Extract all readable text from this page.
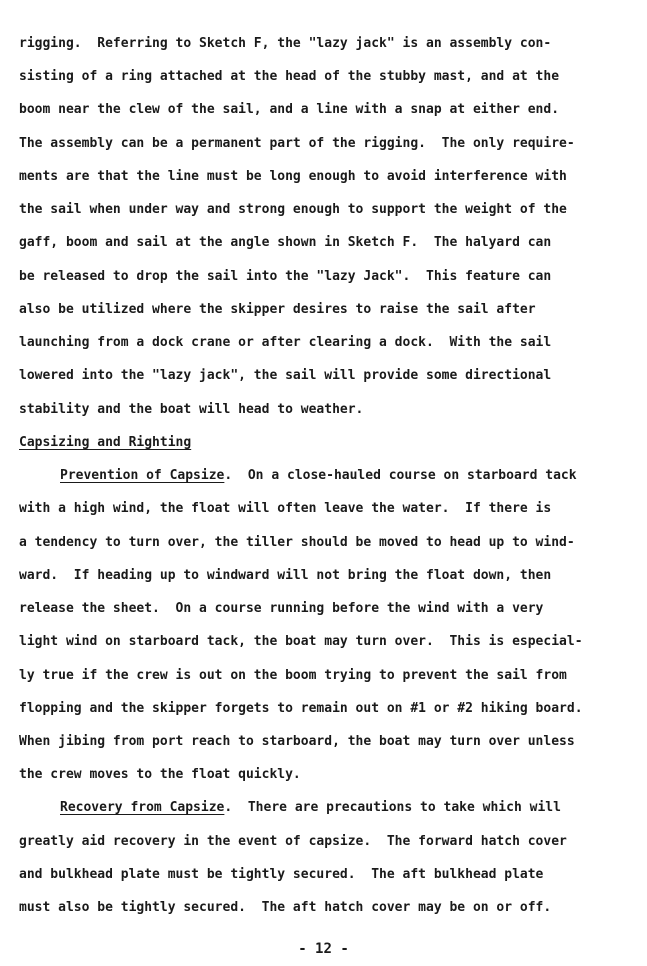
rigging.  Referring to Sketch F, the "lazy jack" is an assembly con-
sisting of a ring attached at the head of the stubby mast, and at the
boom near the clew of the sail, and a line with a snap at either end.
The assembly can be a permanent part of the rigging.  The only require-
ments are that the line must be long enough to avoid interference with
the sail when under way and strong enough to support the weight of the
gaff, boom and sail at the angle shown in Sketch F.  The halyard can
be released to drop the sail into the "lazy Jack".  This feature can
also be utilized where the skipper desires to raise the sail after
launching from a dock crane or after clearing a dock.  With the sail
lowered into the "lazy jack", the sail will provide some directional
stability and the boat will head to weather.
Capsizing and Righting
Prevention of Capsize.  On a close-hauled course on starboard tack
with a high wind, the float will often leave the water.  If there is
a tendency to turn over, the tiller should be moved to head up to wind-
ward.  If heading up to windward will not bring the float down, then
release the sheet.  On a course running before the wind with a very
light wind on starboard tack, the boat may turn over.  This is especial-
ly true if the crew is out on the boom trying to prevent the sail from
flopping and the skipper forgets to remain out on #1 or #2 hiking board.
When jibing from port reach to starboard, the boat may turn over unless
the crew moves to the float quickly.
Recovery from Capsize.  There are precautions to take which will
greatly aid recovery in the event of capsize.  The forward hatch cover
and bulkhead plate must be tightly secured.  The aft bulkhead plate
must also be tightly secured.  The aft hatch cover may be on or off.
- 12 -
